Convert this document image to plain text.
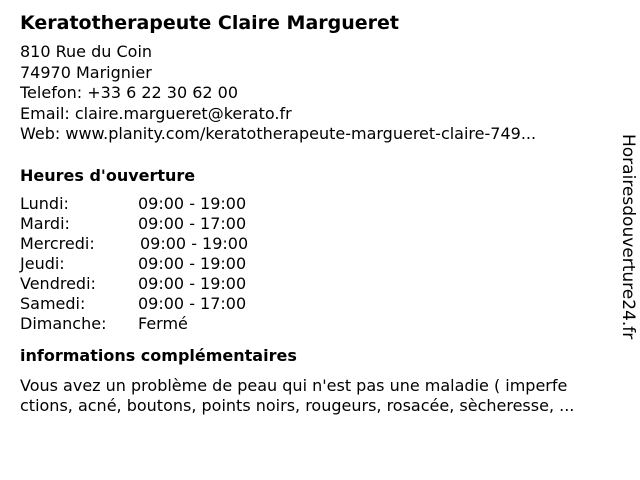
Keratotherapeute Claire Margueret
810 Rue du Coin
74970 Marignier
Telefon: +33 6 22 30 62 00
Email: claire.margueret@kerato.fr
Web: www.planity.com/keratotherapeute-margueret-claire-749...
Heures d'ouverture
Lundi:	09:00 - 19:00
Mardi:	09:00 - 17:00
Mercredi:	09:00 - 19:00
Jeudi:	09:00 - 19:00
Vendredi:	09:00 - 19:00
Samedi:	09:00 - 17:00
Dimanche:	Fermé
informations complémentaires
Vous avez un problème de peau qui n'est pas une maladie ( imperfe
ctions, acné, boutons, points noirs, rougeurs, rosacée, sècheresse, ...
Horairesdouverture24.fr
